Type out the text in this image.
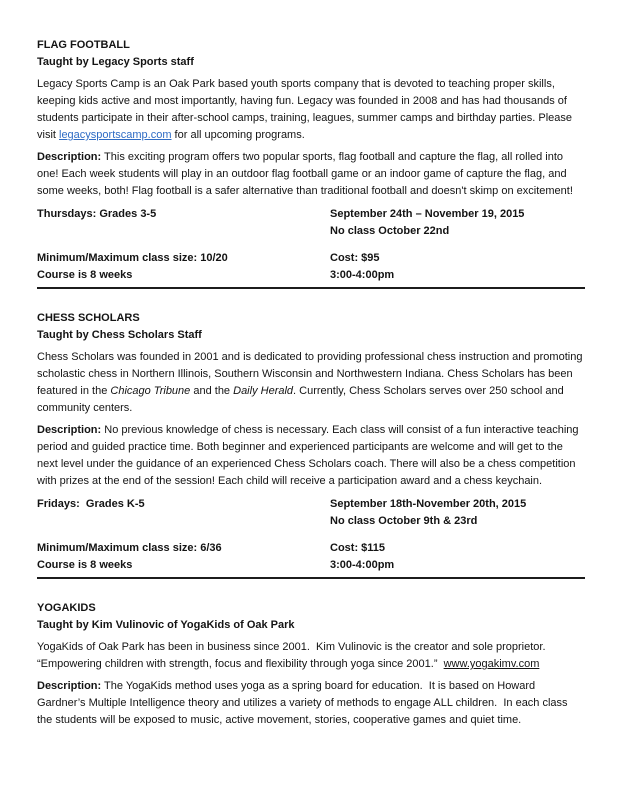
FLAG FOOTBALL
Taught by Legacy Sports staff

Legacy Sports Camp is an Oak Park based youth sports company that is devoted to teaching proper skills, keeping kids active and most importantly, having fun. Legacy was founded in 2008 and has had thousands of students participate in their after-school camps, training, leagues, summer camps and birthday parties. Please visit legacysportscamp.com for all upcoming programs.

Description: This exciting program offers two popular sports, flag football and capture the flag, all rolled into one! Each week students will play in an outdoor flag football game or an indoor game of capture the flag, and some weeks, both! Flag football is a safer alternative than traditional football and doesn't skimp on excitement!

Thursdays: Grades 3-5	September 24th – November 19, 2015

No class October 22nd

Minimum/Maximum class size: 10/20

Course is 8 weeks

Cost: $95

3:00-4:00pm

CHESS SCHOLARS
Taught by Chess Scholars Staff

Chess Scholars was founded in 2001 and is dedicated to providing professional chess instruction and promoting scholastic chess in Northern Illinois, Southern Wisconsin and Northwestern Indiana. Chess Scholars has been featured in the Chicago Tribune and the Daily Herald. Currently, Chess Scholars serves over 250 school and community centers.

Description: No previous knowledge of chess is necessary. Each class will consist of a fun interactive teaching period and guided practice time. Both beginner and experienced participants are welcome and will get to the next level under the guidance of an experienced Chess Scholars coach. There will also be a chess competition with prizes at the end of the session! Each child will receive a participation award and a chess keychain.

Fridays:  Grades K-5	September 18th-November 20th, 2015

No class October 9th & 23rd

Minimum/Maximum class size: 6/36

Course is 8 weeks

Cost: $115

3:00-4:00pm

YOGAKIDS
Taught by Kim Vulinovic of YogaKids of Oak Park

YogaKids of Oak Park has been in business since 2001.  Kim Vulinovic is the creator and sole proprietor. “Empowering children with strength, focus and flexibility through yoga since 2001.”  www.yogakimv.com

Description: The YogaKids method uses yoga as a spring board for education.  It is based on Howard Gardner’s Multiple Intelligence theory and utilizes a variety of methods to engage ALL children.  In each class the students will be exposed to music, active movement, stories, cooperative games and quiet time.
